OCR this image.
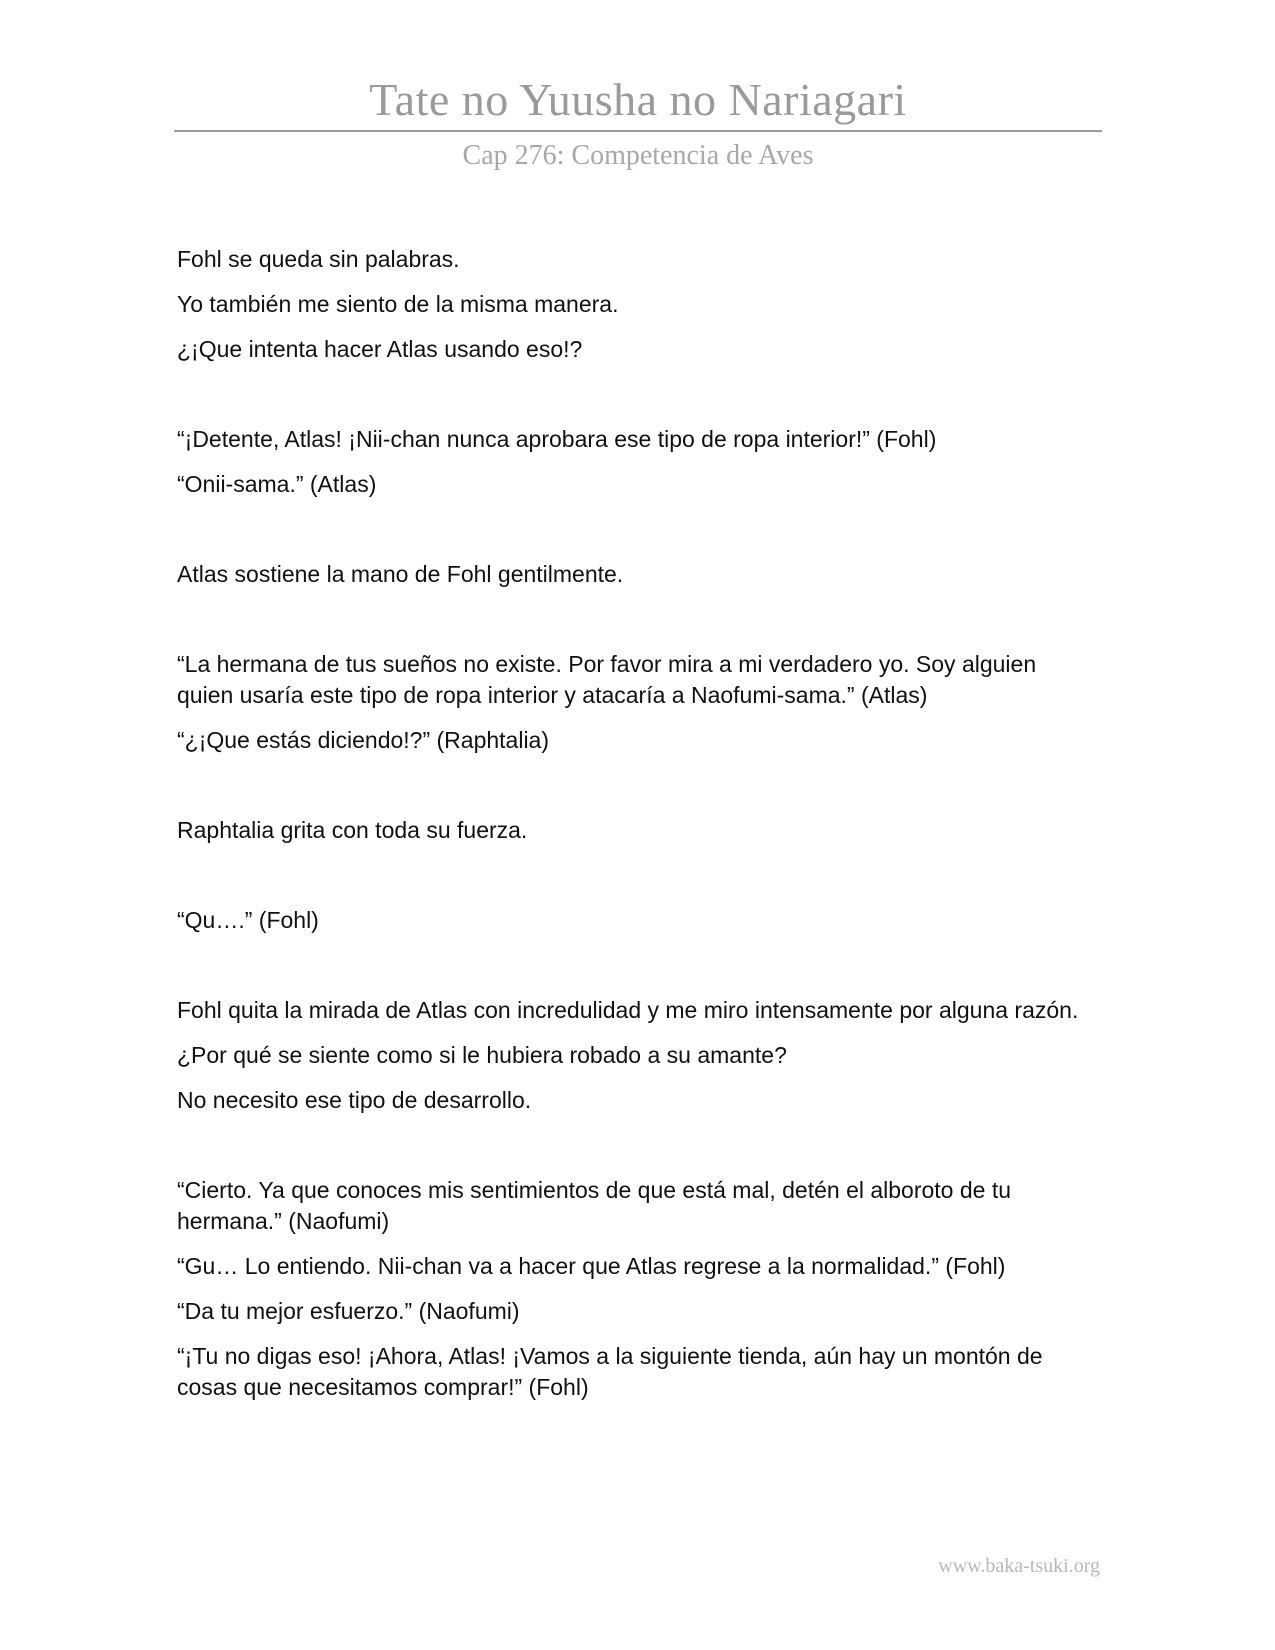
Tate no Yuusha no Nariagari
Cap 276: Competencia de Aves

Fohl se queda sin palabras.

Yo también me siento de la misma manera.

¿¡Que intenta hacer Atlas usando eso!?

“¡Detente, Atlas! ¡Nii-chan nunca aprobara ese tipo de ropa interior!” (Fohl)

“Onii-sama.” (Atlas)

Atlas sostiene la mano de Fohl gentilmente.

“La hermana de tus sueños no existe. Por favor mira a mi verdadero yo. Soy alguien quien usaría este tipo de ropa interior y atacaría a Naofumi-sama.” (Atlas)

“¿¡Que estás diciendo!?” (Raphtalia)

Raphtalia grita con toda su fuerza.

“Qu….” (Fohl)

Fohl quita la mirada de Atlas con incredulidad y me miro intensamente por alguna razón.

¿Por qué se siente como si le hubiera robado a su amante?

No necesito ese tipo de desarrollo.

“Cierto. Ya que conoces mis sentimientos de que está mal, detén el alboroto de tu hermana.” (Naofumi)

“Gu… Lo entiendo. Nii-chan va a hacer que Atlas regrese a la normalidad.” (Fohl)

“Da tu mejor esfuerzo.” (Naofumi)

“¡Tu no digas eso! ¡Ahora, Atlas! ¡Vamos a la siguiente tienda, aún hay un montón de cosas que necesitamos comprar!” (Fohl)

www.baka-tsuki.org
